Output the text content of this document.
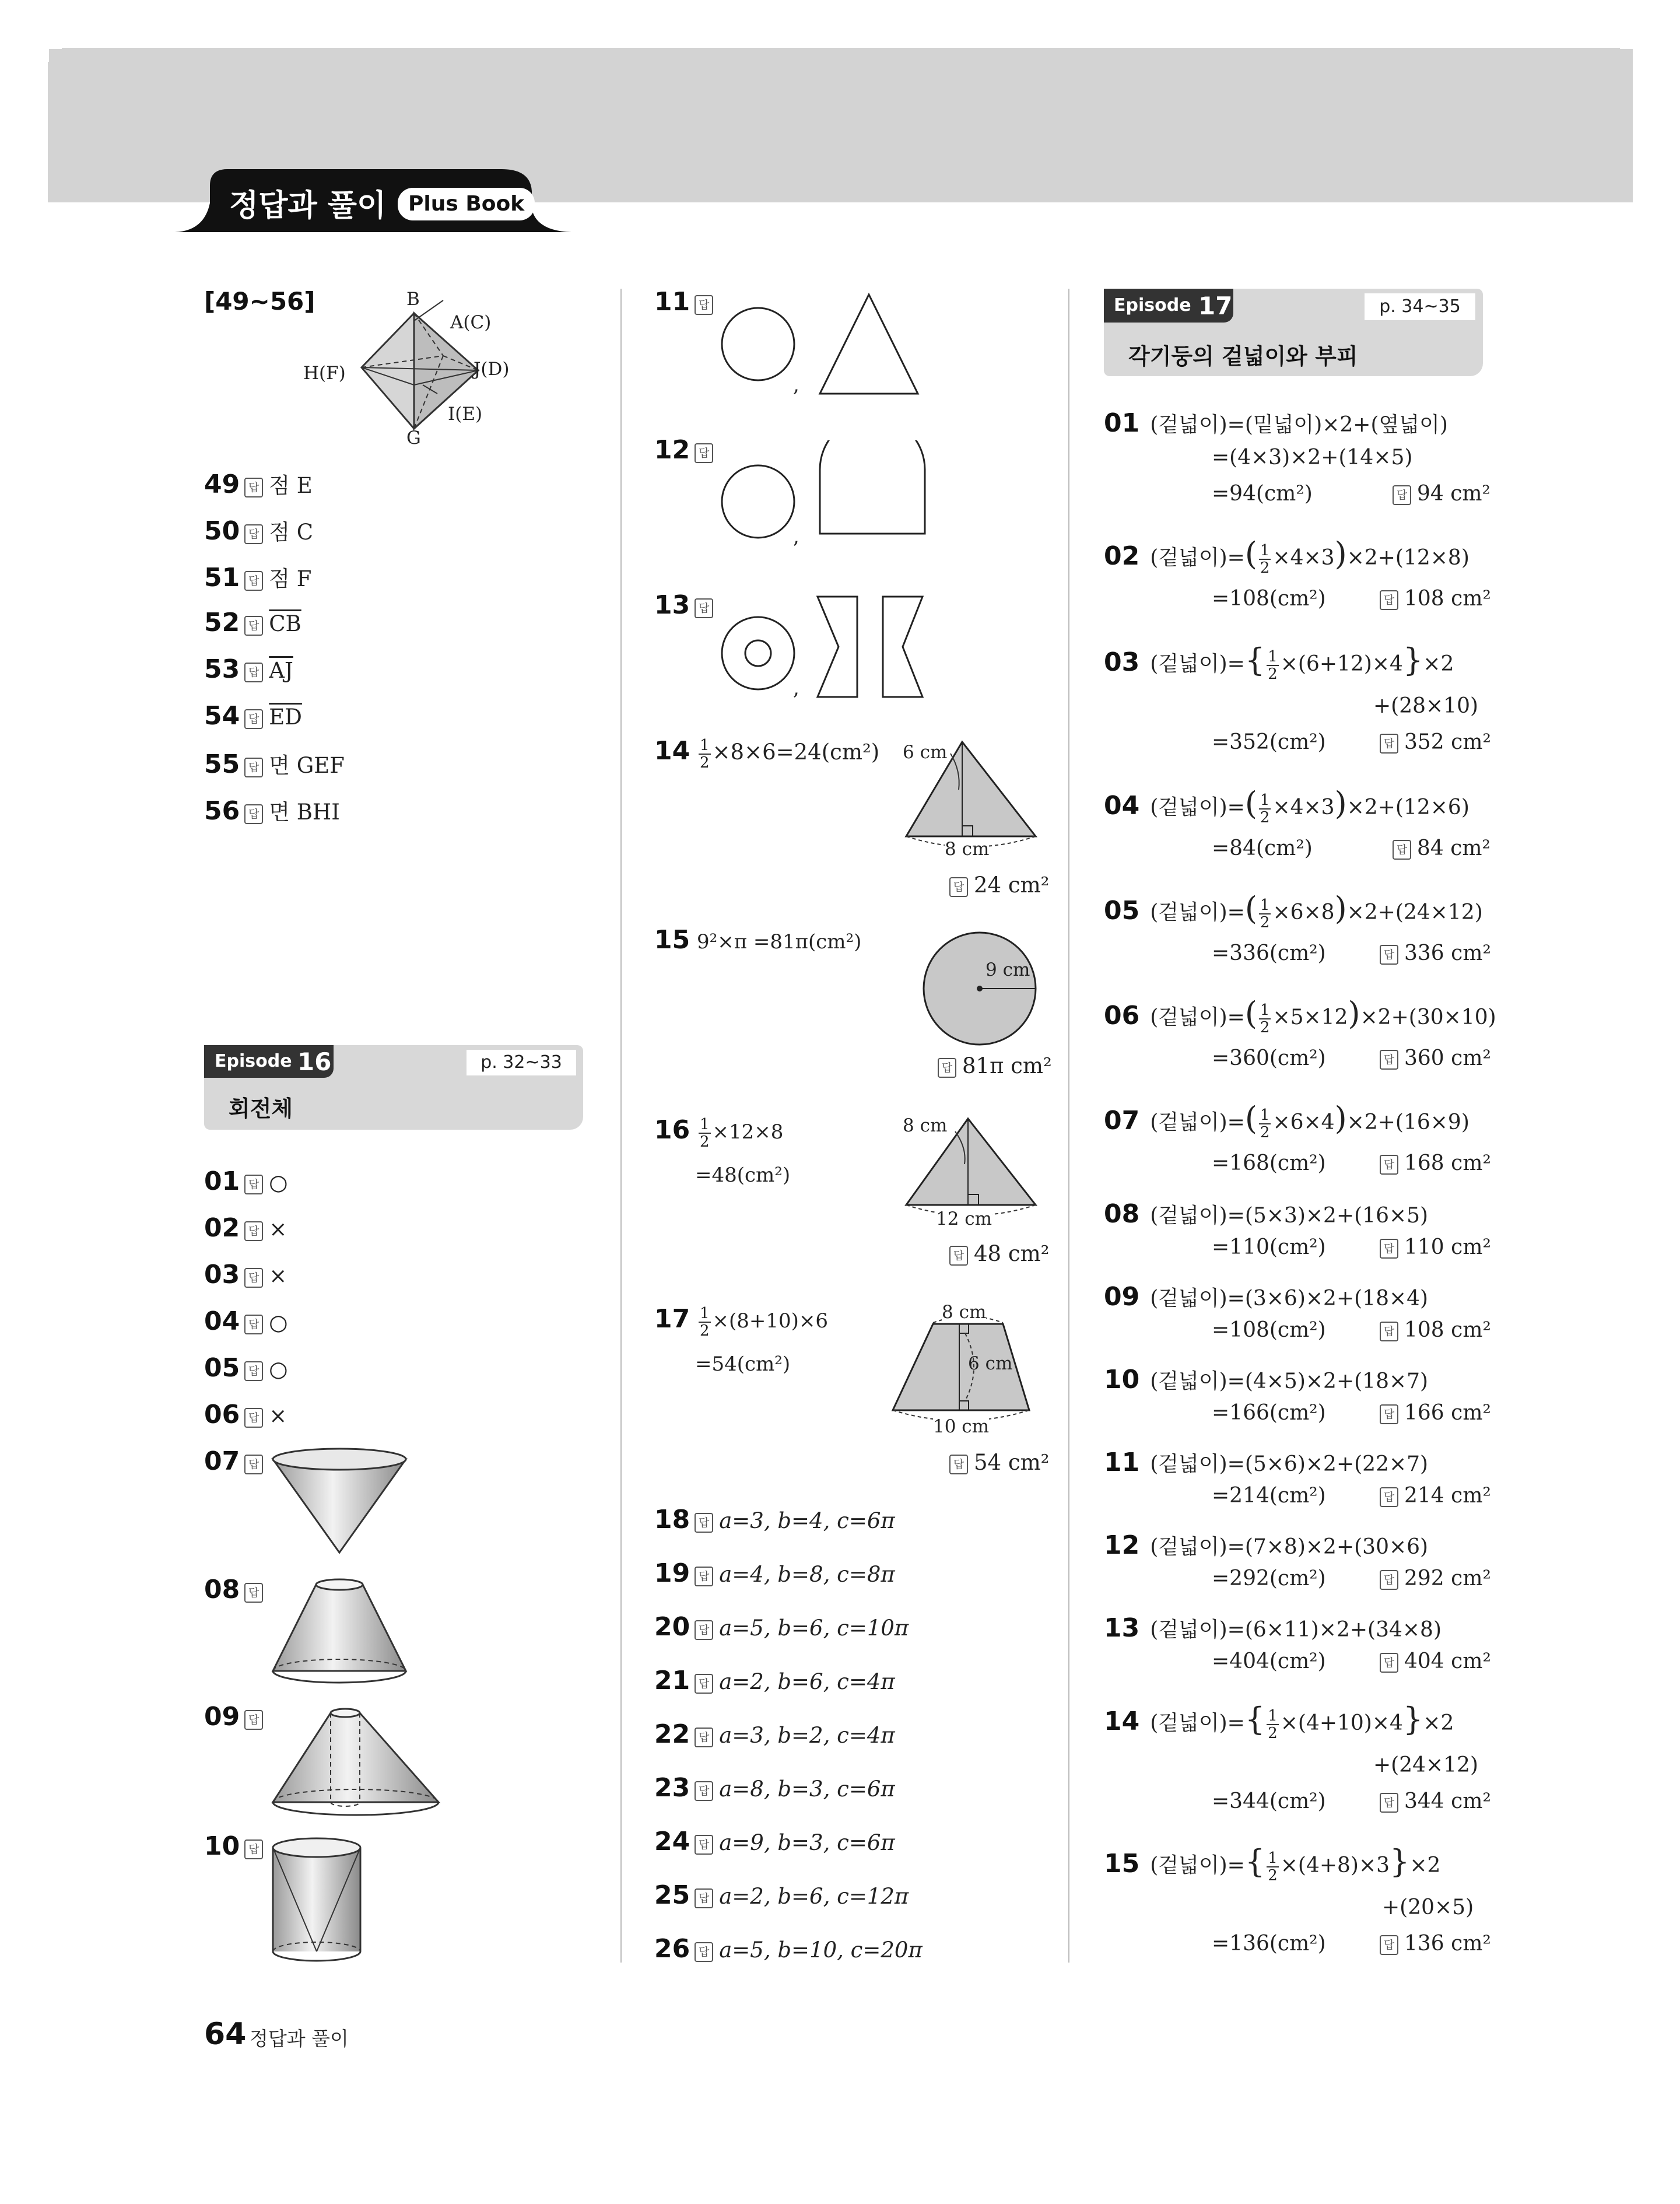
정답과 풀이	Plus Book
[49~56]	B
A(C)
H(F)	J(D)
I(E)
G
49 답 점 E
50 답 점 C
51 답 점 F
52 답 $\overline{CB}$
53 답 $\overline{AJ}$
54 답 $\overline{ED}$
55 답 면 GEF
56 답 면 BHI
Episode 16	p. 32~33
회전체
01 답 ○
02 답 ×
03 답 ×
04 답 ○
05 답 ○
06 답 ×
07 답
08 답
09 답
10 답
64 정답과 풀이
11 답
,
12 답
,
13 답
,
$14 \frac{1}{2} \times 8\times 6=24(cm^2)$ 6 cm
8 cm
답 24 cm²
15 9²×π =81π(cm²)
9 cm
답 81π cm²
$16 \frac{1}{2} \times 12\times 8$
=48(cm²)
8 cm
12 cm
답 48 cm²
$17 \frac{1}{2} \times(8+10)\times 6$
=54(cm²)
8 cm
6 cm
10 cm
답 54 cm²
18 답 a=3, b=4, c=6π
19 답 a=4, b=8, c=8π
20 답 a=5, b=6, c=10π
21 답 a=2, b=6, c=4π
22 답 a=3, b=2, c=4π
23 답 a=8, b=3, c=6π
24 답 a=9, b=3, c=6π
25 답 a=2, b=6, c=12π
26 답 a=5, b=10, c=20π
Episode 17	p. 34~35
각기둥의 겉넓이와 부피
01 (겉넓이)=(밑넓이)×2+(옆넓이)
=(4×3)×2+(14×5)
=94(cm²)	답 94 cm²
02 (겉넓이)=( $\frac{1}{2} \times 4\times 3)\times 2+(12\times 8)$
=108(cm²)	답 108 cm²
03 (겉넓이)={ $\frac{1}{2} \times(6+12)\times 4\}\times 2$
+(28×10)
=352(cm²)	답 352 cm²
04 (겉넓이)=( $\frac{1}{2} \times 4\times 3)\times 2+(12\times 6)$
=84(cm²)	답 84 cm²
05 (겉넓이)=( $\frac{1}{2} \times 6\times 8)\times 2+(24\times 12)$
=336(cm²)	답 336 cm²
06 (겉넓이)=( $\frac{1}{2} \times 5\times 12)\times 2+(30\times 10)$
=360(cm²)	답 360 cm²
07 (겉넓이)=( $\frac{1}{2} \times 6\times 4)\times 2+(16\times 9)$
=168(cm²)	답 168 cm²
08 (겉넓이)=(5×3)×2+(16×5)
=110(cm²)	답 110 cm²
09 (겉넓이)=(3×6)×2+(18×4)
=108(cm²)	답 108 cm²
10 (겉넓이)=(4×5)×2+(18×7)
=166(cm²)	답 166 cm²
11 (겉넓이)=(5×6)×2+(22×7)
=214(cm²)	답 214 cm²
12 (겉넓이)=(7×8)×2+(30×6)
=292(cm²)	답 292 cm²
13 (겉넓이)=(6×11)×2+(34×8)
=404(cm²)	답 404 cm²
14 (겉넓이)={ $\frac{1}{2} \times(4+10)\times 4\}\times 2$
+(24×12)
=344(cm²)	답 344 cm²
15 (겉넓이)={ $\frac{1}{2} \times(4+8)\times 3\}\times 2$
+(20×5)
=136(cm²)	답 136 cm²
